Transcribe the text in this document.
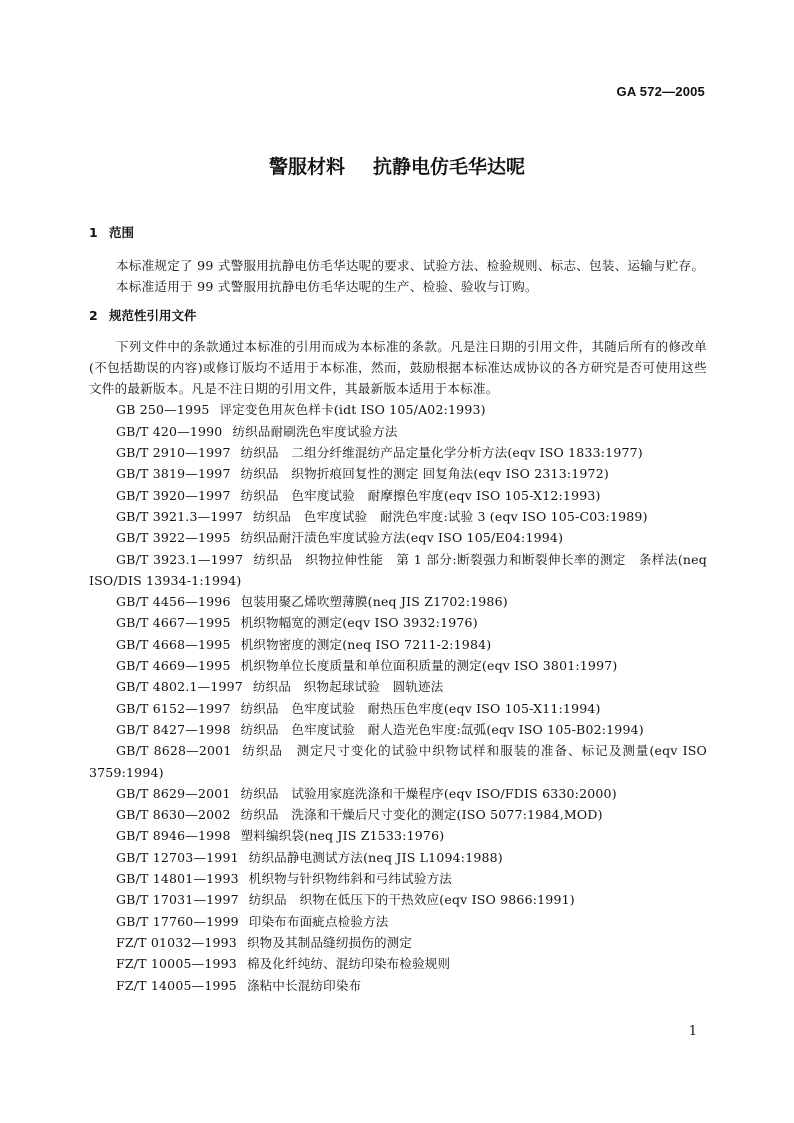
GA 572—2005
警服材料 抗静电仿毛华达呢
1 范围

本标准规定了 99 式警服用抗静电仿毛华达呢的要求、试验方法、检验规则、标志、包装、运输与贮存。

本标准适用于 99 式警服用抗静电仿毛华达呢的生产、检验、验收与订购。

2 规范性引用文件

下列文件中的条款通过本标准的引用而成为本标准的条款。凡是注日期的引用文件，其随后所有的修改单(不包括勘误的内容)或修订版均不适用于本标准，然而，鼓励根据本标准达成协议的各方研究是否可使用这些文件的最新版本。凡是不注日期的引用文件，其最新版本适用于本标准。

GB 250—1995 评定变色用灰色样卡(idt ISO 105/A02:1993)
GB/T 420—1990 纺织品耐刷洗色牢度试验方法
GB/T 2910—1997 纺织品　二组分纤维混纺产品定量化学分析方法(eqv ISO 1833:1977)
GB/T 3819—1997 纺织品　织物折痕回复性的测定 回复角法(eqv ISO 2313:1972)
GB/T 3920—1997 纺织品　色牢度试验　耐摩擦色牢度(eqv ISO 105-X12:1993)
GB/T 3921.3—1997 纺织品　色牢度试验　耐洗色牢度:试验 3 (eqv ISO 105-C03:1989)
GB/T 3922—1995 纺织品耐汗渍色牢度试验方法(eqv ISO 105/E04:1994)
GB/T 3923.1—1997 纺织品　织物拉伸性能　第 1 部分:断裂强力和断裂伸长率的测定　条样法(neq ISO/DIS 13934-1:1994)
GB/T 4456—1996 包装用聚乙烯吹塑薄膜(neq JIS Z1702:1986)
GB/T 4667—1995 机织物幅宽的测定(eqv ISO 3932:1976)
GB/T 4668—1995 机织物密度的测定(neq ISO 7211-2:1984)
GB/T 4669—1995 机织物单位长度质量和单位面积质量的测定(eqv ISO 3801:1997)
GB/T 4802.1—1997 纺织品　织物起球试验　圆轨迹法
GB/T 6152—1997 纺织品　色牢度试验　耐热压色牢度(eqv ISO 105-X11:1994)
GB/T 8427—1998 纺织品　色牢度试验　耐人造光色牢度:氙弧(eqv ISO 105-B02:1994)
GB/T 8628—2001 纺织品　测定尺寸变化的试验中织物试样和服装的准备、标记及测量(eqv ISO 3759:1994)
GB/T 8629—2001 纺织品　试验用家庭洗涤和干燥程序(eqv ISO/FDIS 6330:2000)
GB/T 8630—2002 纺织品　洗涤和干燥后尺寸变化的测定(ISO 5077:1984,MOD)
GB/T 8946—1998 塑料编织袋(neq JIS Z1533:1976)
GB/T 12703—1991 纺织品静电测试方法(neq JIS L1094:1988)
GB/T 14801—1993 机织物与针织物纬斜和弓纬试验方法
GB/T 17031—1997 纺织品　织物在低压下的干热效应(eqv ISO 9866:1991)
GB/T 17760—1999 印染布布面疵点检验方法
FZ/T 01032—1993 织物及其制品缝纫损伤的测定
FZ/T 10005—1993 棉及化纤纯纺、混纺印染布检验规则
FZ/T 14005—1995 涤粘中长混纺印染布
1
